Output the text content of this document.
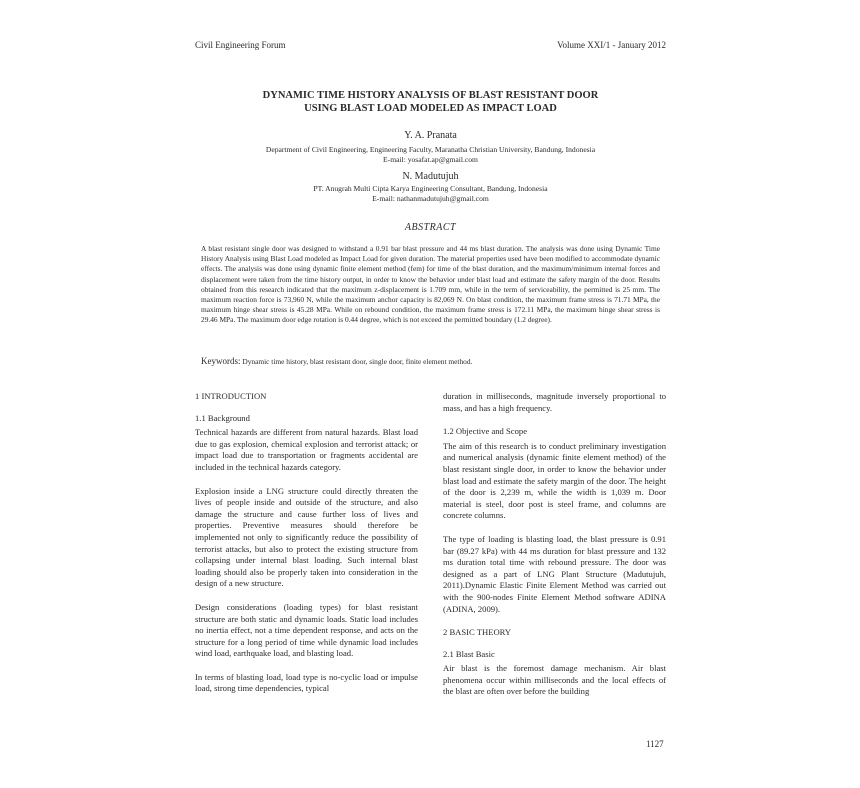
Civil Engineering Forum	Volume XXI/1 - January 2012
DYNAMIC TIME HISTORY ANALYSIS OF BLAST RESISTANT DOOR
USING BLAST LOAD MODELED AS IMPACT LOAD
Y. A. Pranata
Department of Civil Engineering, Engineering Faculty, Maranatha Christian University, Bandung, Indonesia
E-mail: yosafat.ap@gmail.com
N. Madutujuh
PT. Anugrah Multi Cipta Karya Engineering Consultant, Bandung, Indonesia
E-mail: nathanmadutujuh@gmail.com
ABSTRACT
A blast resistant single door was designed to withstand a 0.91 bar blast pressure and 44 ms blast duration. The analysis was done using Dynamic Time History Analysis using Blast Load modeled as Impact Load for given duration. The material properties used have been modified to accommodate dynamic effects. The analysis was done using dynamic finite element method (fem) for time of the blast duration, and the maximum/minimum internal forces and displacement were taken from the time history output, in order to know the behavior under blast load and estimate the safety margin of the door. Results obtained from this research indicated that the maximum z-displacement is 1.709 mm, while in the term of serviceability, the permitted is 25 mm. The maximum reaction force is 73,960 N, while the maximum anchor capacity is 82,069 N. On blast condition, the maximum frame stress is 71.71 MPa, the maximum hinge shear stress is 45.28 MPa. While on rebound condition, the maximum frame stress is 172.11 MPa, the maximum hinge shear stress is 29.46 MPa. The maximum door edge rotation is 0.44 degree, which is not exceed the permitted boundary (1.2 degree).
Keywords: Dynamic time history, blast resistant door, single door, finite element method.
1 INTRODUCTION
1.1 Background

Technical hazards are different from natural hazards. Blast load due to gas explosion, chemical explosion and terrorist attack; or impact load due to transportation or fragments accidental are included in the technical hazards category.

Explosion inside a LNG structure could directly threaten the lives of people inside and outside of the structure, and also damage the structure and cause further loss of lives and properties. Preventive measures should therefore be implemented not only to significantly reduce the possibility of terrorist attacks, but also to protect the existing structure from collapsing under internal blast loading. Such internal blast loading should also be properly taken into consideration in the design of a new structure.

Design considerations (loading types) for blast resistant structure are both static and dynamic loads. Static load includes no inertia effect, not a time dependent response, and acts on the structure for a long period of time while dynamic load includes wind load, earthquake load, and blasting load.

In terms of blasting load, load type is no-cyclic load or impulse load, strong time dependencies, typical

duration in milliseconds, magnitude inversely proportional to mass, and has a high frequency.

1.2 Objective and Scope

The aim of this research is to conduct preliminary investigation and numerical analysis (dynamic finite element method) of the blast resistant single door, in order to know the behavior under blast load and estimate the safety margin of the door. The height of the door is 2,239 m, while the width is 1,039 m. Door material is steel, door post is steel frame, and columns are concrete columns.

The type of loading is blasting load, the blast pressure is 0.91 bar (89.27 kPa) with 44 ms duration for blast pressure and 132 ms duration total time with rebound pressure. The door was designed as a part of LNG Plant Structure (Madutujuh, 2011).Dynamic Elastic Finite Element Method was carried out with the 900-nodes Finite Element Method software ADINA (ADINA, 2009).

2 BASIC THEORY
2.1 Blast Basic

Air blast is the foremost damage mechanism. Air blast phenomena occur within milliseconds and the local effects of the blast are often over before the building

1127
